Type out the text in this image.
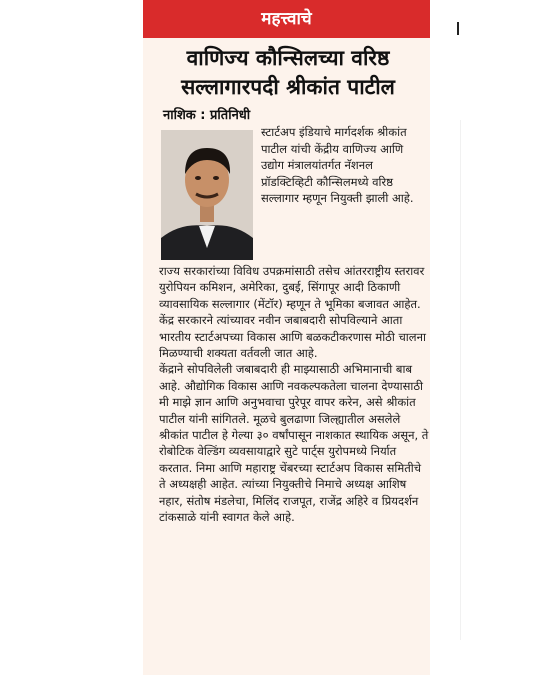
महत्त्वाचे
वाणिज्य कौन्सिलच्या वरिष्ठ सल्लागारपदी श्रीकांत पाटील
नाशिक : प्रतिनिधी
स्टार्टअप इंडियाचे मार्गदर्शक श्रीकांत पाटील यांची केंद्रीय वाणिज्य आणि उद्योग मंत्रालयांतर्गत नॅशनल प्रॉडक्टिव्हिटी कौन्सिलमध्ये वरिष्ठ सल्लागार म्हणून नियुक्ती झाली आहे.

राज्य सरकारांच्या विविध उपक्रमांसाठी तसेच आंतरराष्ट्रीय स्तरावर युरोपियन कमिशन, अमेरिका, दुबई, सिंगापूर आदी ठिकाणी व्यावसायिक सल्लागार (मेंटॉर) म्हणून ते भूमिका बजावत आहेत. केंद्र सरकारने त्यांच्यावर नवीन जबाबदारी सोपविल्याने आता भारतीय स्टार्टअपच्या विकास आणि बळकटीकरणास मोठी चालना मिळण्याची शक्यता वर्तवली जात आहे.

केंद्राने सोपविलेली जबाबदारी ही माझ्यासाठी अभिमानाची बाब आहे. औद्योगिक विकास आणि नवकल्पकतेला चालना देण्यासाठी मी माझे ज्ञान आणि अनुभवाचा पुरेपूर वापर करेन, असे श्रीकांत पाटील यांनी सांगितले. मूळचे बुलढाणा जिल्ह्यातील असलेले श्रीकांत पाटील हे गेल्या ३० वर्षांपासून नाशकात स्थायिक असून, ते रोबोटिक वेल्डिंग व्यवसायाद्वारे सुटे पार्ट्स युरोपमध्ये निर्यात करतात. निमा आणि महाराष्ट्र चेंबरच्या स्टार्टअप विकास समितीचे ते अध्यक्षही आहेत. त्यांच्या नियुक्तीचे निमाचे अध्यक्ष आशिष नहार, संतोष मंडलेचा, मिलिंद राजपूत, राजेंद्र अहिरे व प्रियदर्शन टांकसाळे यांनी स्वागत केले आहे.
